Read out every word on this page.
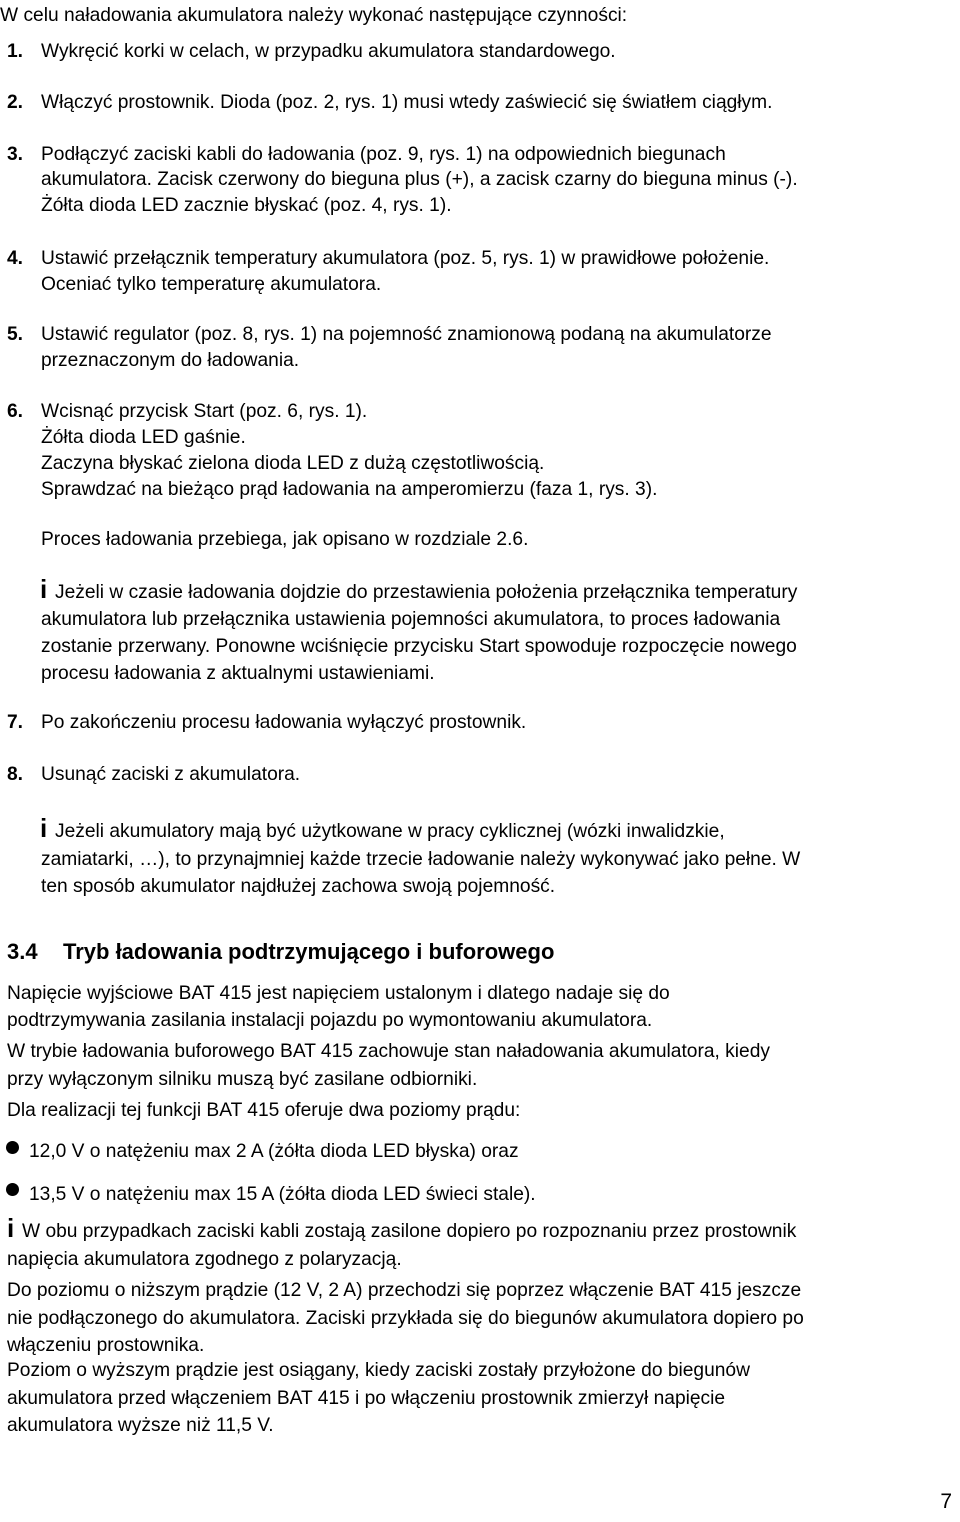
W celu naładowania akumulatora należy wykonać następujące czynności:
1. Wykręcić korki w celach, w przypadku akumulatora standardowego.
2. Włączyć prostownik. Dioda (poz. 2, rys. 1) musi wtedy zaświecić się światłem ciągłym.
3. Podłączyć zaciski kabli do ładowania (poz. 9, rys. 1) na odpowiednich biegunach
akumulatora. Zacisk czerwony do bieguna plus (+), a zacisk czarny do bieguna minus (-).
Żółta dioda LED zacznie błyskać (poz. 4, rys. 1).
4. Ustawić przełącznik temperatury akumulatora (poz. 5, rys. 1) w prawidłowe położenie.
Oceniać tylko temperaturę akumulatora.
5. Ustawić regulator (poz. 8, rys. 1) na pojemność znamionową podaną na akumulatorze
przeznaczonym do ładowania.
6. Wcisnąć przycisk Start (poz. 6, rys. 1).
Żółta dioda LED gaśnie.
Zaczyna błyskać zielona dioda LED z dużą częstotliwością.
Sprawdzać na bieżąco prąd ładowania na amperomierzu (faza 1, rys. 3).
Proces ładowania przebiega, jak opisano w rozdziale 2.6.
i Jeżeli w czasie ładowania dojdzie do przestawienia położenia przełącznika temperatury
akumulatora lub przełącznika ustawienia pojemności akumulatora, to proces ładowania
zostanie przerwany. Ponowne wciśnięcie przycisku Start spowoduje rozpoczęcie nowego
procesu ładowania z aktualnymi ustawieniami.
7. Po zakończeniu procesu ładowania wyłączyć prostownik.
8. Usunąć zaciski z akumulatora.
i Jeżeli akumulatory mają być użytkowane w pracy cyklicznej (wózki inwalidzkie,
zamiatarki, …), to przynajmniej każde trzecie ładowanie należy wykonywać jako pełne. W
ten sposób akumulator najdłużej zachowa swoją pojemność.
3.4 Tryb ładowania podtrzymującego i buforowego
Napięcie wyjściowe BAT 415 jest napięciem ustalonym i dlatego nadaje się do
podtrzymywania zasilania instalacji pojazdu po wymontowaniu akumulatora.
W trybie ładowania buforowego BAT 415 zachowuje stan naładowania akumulatora, kiedy
przy wyłączonym silniku muszą być zasilane odbiorniki.
Dla realizacji tej funkcji BAT 415 oferuje dwa poziomy prądu:
12,0 V o natężeniu max 2 A (żółta dioda LED błyska) oraz
13,5 V o natężeniu max 15 A (żółta dioda LED świeci stale).
i W obu przypadkach zaciski kabli zostają zasilone dopiero po rozpoznaniu przez prostownik
napięcia akumulatora zgodnego z polaryzacją.
Do poziomu o niższym prądzie (12 V, 2 A) przechodzi się poprzez włączenie BAT 415 jeszcze
nie podłączonego do akumulatora. Zaciski przykłada się do biegunów akumulatora dopiero po
włączeniu prostownika.
Poziom o wyższym prądzie jest osiągany, kiedy zaciski zostały przyłożone do biegunów
akumulatora przed włączeniem BAT 415 i po włączeniu prostownik zmierzył napięcie
akumulatora wyższe niż 11,5 V.
7
